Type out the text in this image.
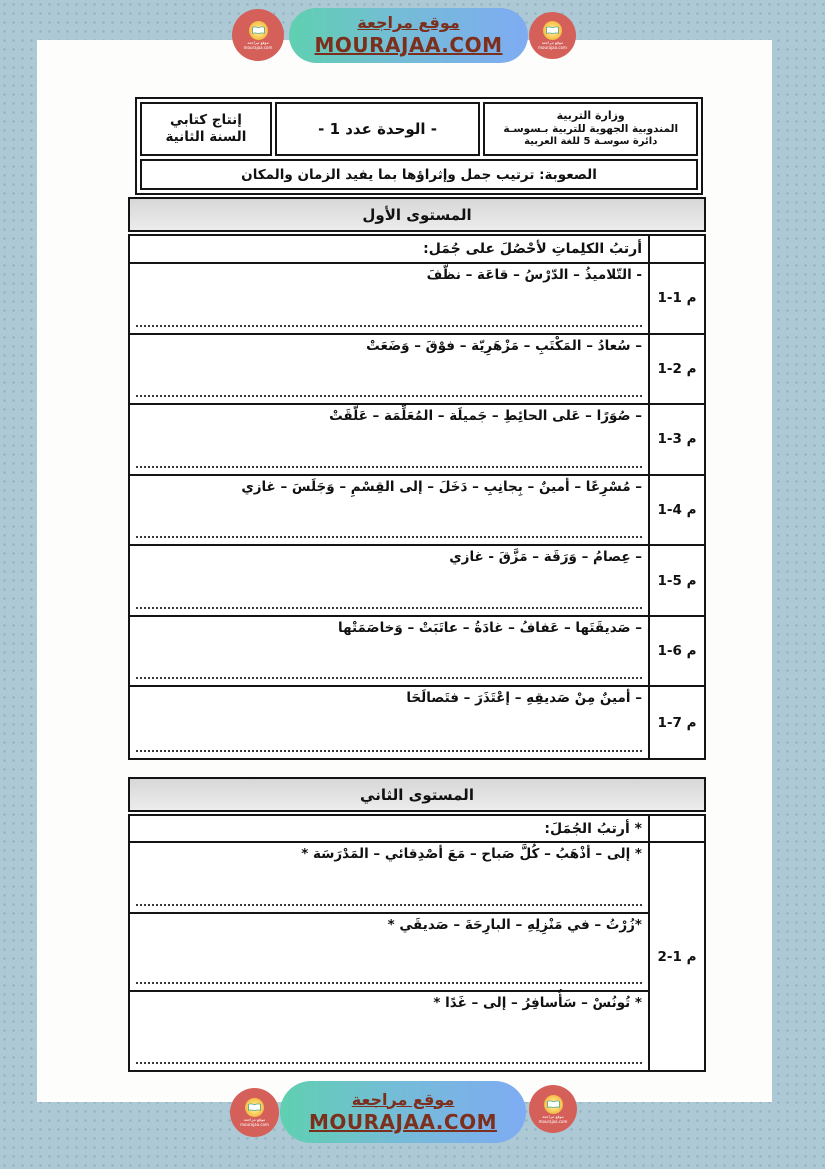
موقع مراجعة
mourajaa.com
موقع مراجعة
MOURAJAA.COM	موقع مراجعة
mourajaa.com
إنتاج كتابي
السنة الثانية	- الوحدة عدد 1 -
وزارة التربية
المندوبية الجهوية للتربية بـسوسـة
دائرة سوسـة 5 للغة العربية
الصعوبة: ترتيب جمل وإثراؤها بما يفيد الزمان والمكان
المستوى الأول
أرتبُ الكلِماتِ لأحْصُلَ على جُمَل:
- التّلاميذُ – الدّرْسُ – قاعَة – نظّفَ
م 1-1
– سُعادُ – المَكْتَبِ – مَزْهَرِيّة – فوْقَ – وَضَعَتْ
م 2-1
– صُوَرًا – عَلى الحائِطِ – جَميلَة – المُعَلِّمَة – عَلَّقَتْ
م 3-1
– مُسْرِعًا – أمينٌ – بِجانِبِ – دَخَلَ – إلى القِسْمِ – وَجَلَسَ – غازي
م 4-1
– عِصامُ – وَرَقَة – مَزَّقَ - غازي
م 5-1
– صَديقَتَها – عَفافُ – غادَةُ – عاتَبَتْ – وَخاصَمَتْها
م 6-1
– أمينٌ مِنْ صَديقِهِ – إعْتَذَرَ – فتَصالَحَا
م 7-1
المستوى الثاني
* أرتبُ الجُمَلَ:
* إلى – أذْهَبُ – كُلَّ صَباح – مَعَ أصْدِقائي – المَدْرَسَة *
*زُرْتُ – في مَنْزِلِهِ – البارِحَةَ – صَديقَي *
* تُونُسْ – سَأُسافِرُ – إلى – غَدًا *
م 1-2
موقع مراجعة
mourajaa.com
موقع مراجعة
MOURAJAA.COM	موقع مراجعة
mourajaa.com
